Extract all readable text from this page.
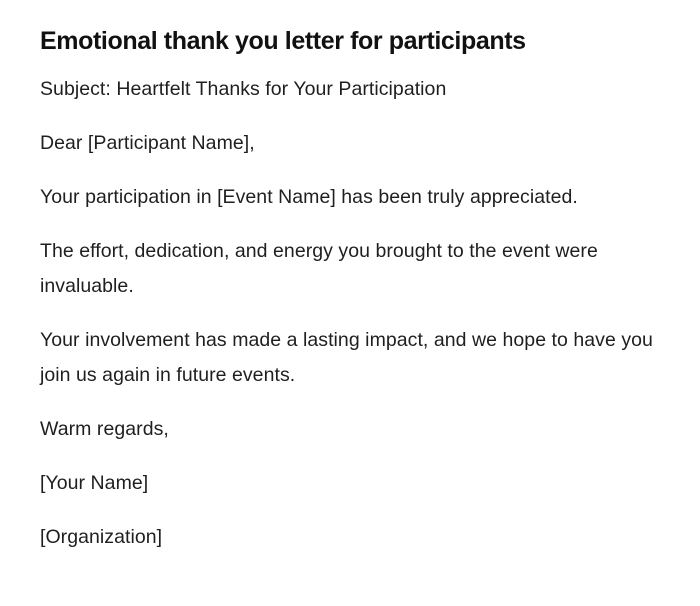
Emotional thank you letter for participants

Subject: Heartfelt Thanks for Your Participation

Dear [Participant Name],

Your participation in [Event Name] has been truly appreciated.

The effort, dedication, and energy you brought to the event were invaluable.

Your involvement has made a lasting impact, and we hope to have you join us again in future events.

Warm regards,

[Your Name]

[Organization]
